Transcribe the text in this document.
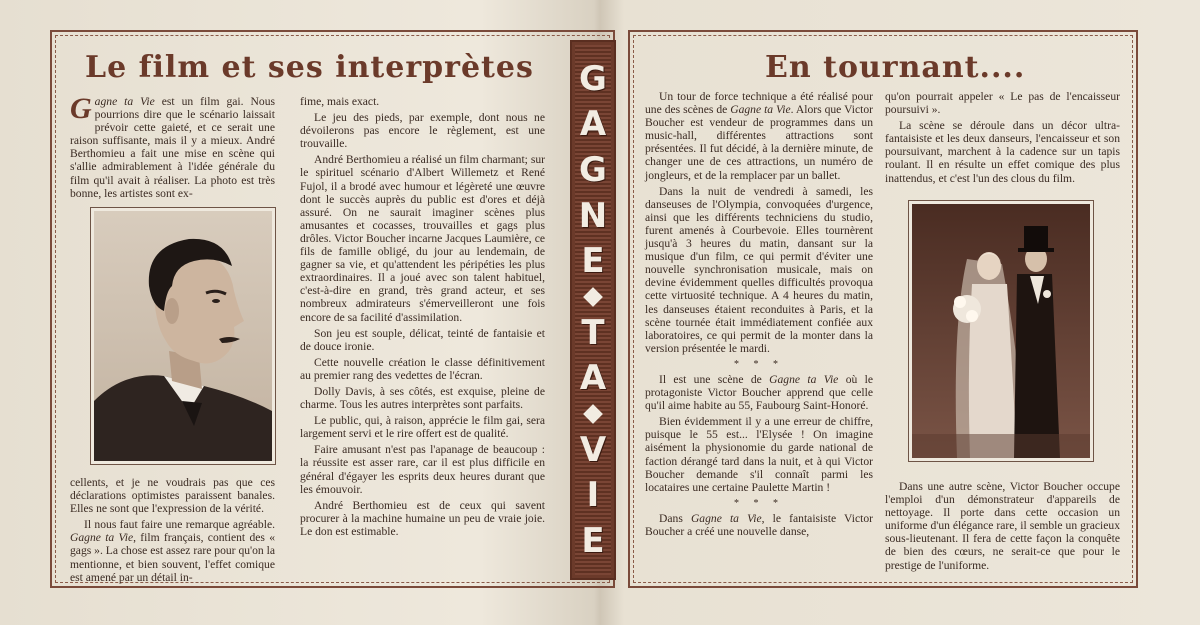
Le film et ses interprètes

Gagne ta Vie est un film gai. Nous pourrions dire que le scénario laissait prévoir cette gaieté, et ce serait une raison suffisante, mais il y a mieux. André Berthomieu a fait une mise en scène qui s'allie admirablement à l'idée générale du film qu'il avait à réaliser. La photo est très bonne, les artistes sont ex-

cellents, et je ne voudrais pas que ces déclarations optimistes paraissent banales. Elles ne sont que l'expression de la vérité.

Il nous faut faire une remarque agréable. Gagne ta Vie, film français, contient des « gags ». La chose est assez rare pour qu'on la mentionne, et bien souvent, l'effet comique est amené par un détail in-

fime, mais exact.

Le jeu des pieds, par exemple, dont nous ne dévoilerons pas encore le règlement, est une trouvaille.

André Berthomieu a réalisé un film charmant; sur le spirituel scénario d'Albert Willemetz et René Fujol, il a brodé avec humour et légèreté une œuvre dont le succès auprès du public est d'ores et déjà assuré. On ne saurait imaginer scènes plus amusantes et cocasses, trouvailles et gags plus drôles. Victor Boucher incarne Jacques Laumière, ce fils de famille obligé, du jour au lendemain, de gagner sa vie, et qu'attendent les péripéties les plus extraordinaires. Il a joué avec son talent habituel, c'est-à-dire en grand, très grand acteur, et ses nombreux admirateurs s'émerveilleront une fois encore de sa facilité d'assimilation.

Son jeu est souple, délicat, teinté de fantaisie et de douce ironie.

Cette nouvelle création le classe définitivement au premier rang des vedettes de l'écran.

Dolly Davis, à ses côtés, est exquise, pleine de charme. Tous les autres interprètes sont parfaits.

Le public, qui, à raison, apprécie le film gai, sera largement servi et le rire offert est de qualité.

Faire amusant n'est pas l'apanage de beaucoup : la réussite est asser rare, car il est plus difficile en général d'égayer les esprits deux heures durant que les émouvoir.

André Berthomieu est de ceux qui savent procurer à la machine humaine un peu de vraie joie. Le don est estimable.

G
A
G
N
E
T
A
V
I
E
En tournant....

Un tour de force technique a été réalisé pour une des scènes de Gagne ta Vie. Alors que Victor Boucher est vendeur de programmes dans un music-hall, différentes attractions sont présentées. Il fut décidé, à la dernière minute, de changer une de ces attractions, un numéro de jongleurs, et de la remplacer par un ballet.

Dans la nuit de vendredi à samedi, les danseuses de l'Olympia, convoquées d'urgence, ainsi que les différents techniciens du studio, furent amenés à Courbevoie. Elles tournèrent jusqu'à 3 heures du matin, dansant sur la musique d'un film, ce qui permit d'éviter une nouvelle synchronisation musicale, mais on devine évidemment quelles difficultés provoqua cette virtuosité technique. A 4 heures du matin, les danseuses étaient reconduites à Paris, et la scène tournée était immédiatement confiée aux laboratoires, ce qui permit de la monter dans la version présentée le mardi.

* * *

Il est une scène de Gagne ta Vie où le protagoniste Victor Boucher apprend que celle qu'il aime habite au 55, Faubourg Saint-Honoré.

Bien évidemment il y a une erreur de chiffre, puisque le 55 est... l'Elysée ! On imagine aisément la physionomie du garde national de faction dérangé tard dans la nuit, et à qui Victor Boucher demande s'il connaît parmi les locataires une certaine Paulette Martin !

* * *

Dans Gagne ta Vie, le fantaisiste Victor Boucher a créé une nouvelle danse,

qu'on pourrait appeler « Le pas de l'encaisseur poursuivi ».

La scène se déroule dans un décor ultra-fantaisiste et les deux danseurs, l'encaisseur et son poursuivant, marchent à la cadence sur un tapis roulant. Il en résulte un effet comique des plus inattendus, et c'est l'un des clous du film.

Dans une autre scène, Victor Boucher occupe l'emploi d'un démonstrateur d'appareils de nettoyage. Il porte dans cette occasion un uniforme d'un élégance rare, il semble un gracieux sous-lieutenant. Il fera de cette façon la conquête de bien des cœurs, ne serait-ce que pour le prestige de l'uniforme.
